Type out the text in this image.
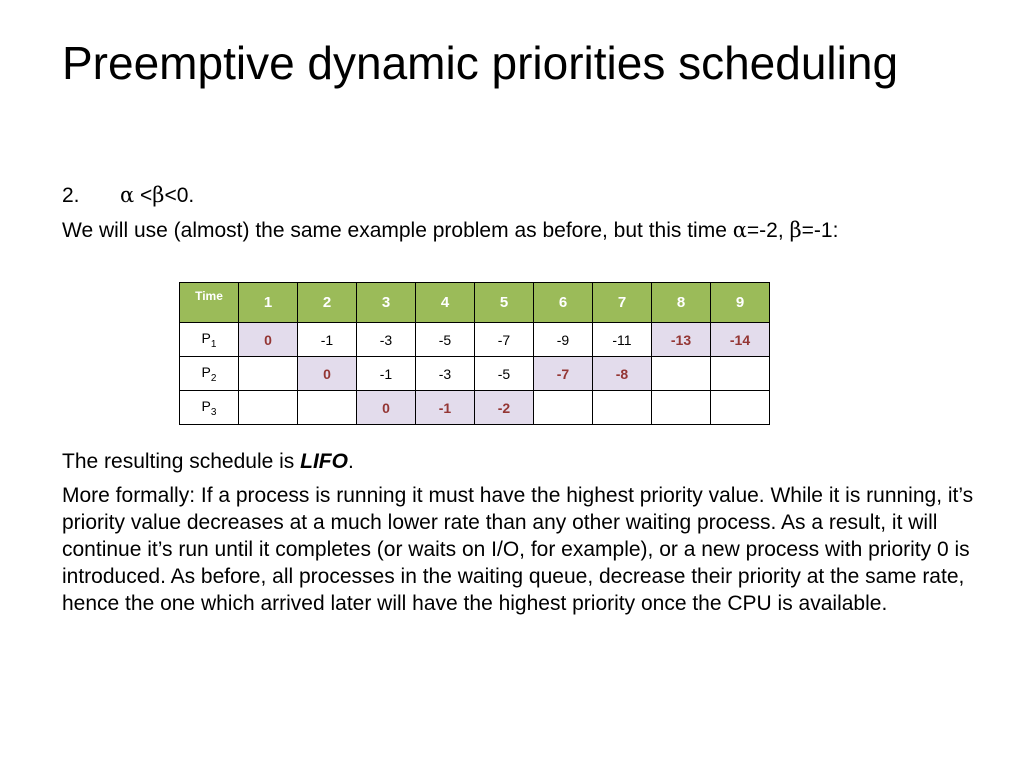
Preemptive dynamic priorities scheduling
2. α <β<0.
We will use (almost) the same example problem as before, but this time α=-2, β=-1:
Time	1	2	3	4	5	6	7	8	9
$P_1$	0	-1	-3	-5	-7	-9	-11	-13	-14
$P_2$		0	-1	-3	-5	-7	-8		
$P_3$			0	-1	-2				
The resulting schedule is LIFO.
More formally: If a process is running it must have the highest priority value. While it is running, it’s priority value decreases at a much lower rate than any other waiting process. As a result, it will continue it’s run until it completes (or waits on I/O, for example), or a new process with priority 0 is introduced. As before, all processes in the waiting queue, decrease their priority at the same rate, hence the one which arrived later will have the highest priority once the CPU is available.
